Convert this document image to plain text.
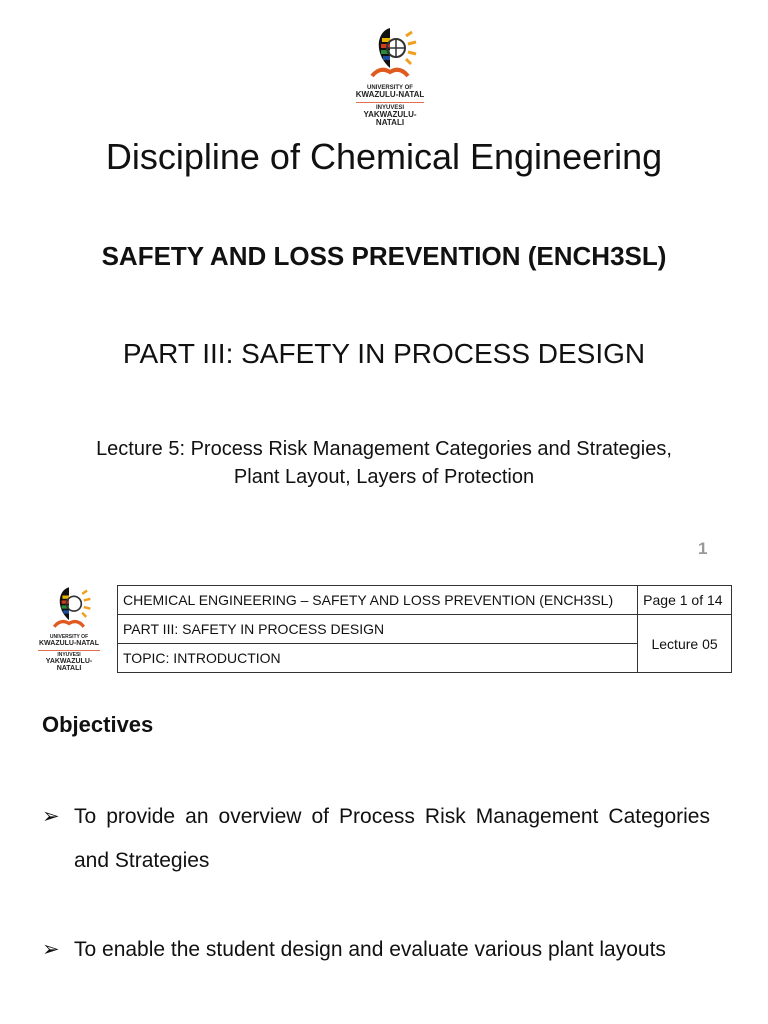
UNIVERSITY OF
KWAZULU-NATAL
INYUVESI
YAKWAZULU-NATALI
Discipline of Chemical Engineering
SAFETY AND LOSS PREVENTION (ENCH3SL)
PART III: SAFETY IN PROCESS DESIGN
Lecture 5: Process Risk Management Categories and Strategies,
Plant Layout, Layers of Protection
1
UNIVERSITY OF
KWAZULU-NATAL
INYUVESI
YAKWAZULU-NATALI
CHEMICAL ENGINEERING – SAFETY AND LOSS PREVENTION (ENCH3SL)	Page 1 of 14
PART III: SAFETY IN PROCESS DESIGN	Lecture 05
TOPIC: INTRODUCTION	
Objectives
➢ To provide an overview of Process Risk Management Categories and Strategies
➢ To enable the student design and evaluate various plant layouts
